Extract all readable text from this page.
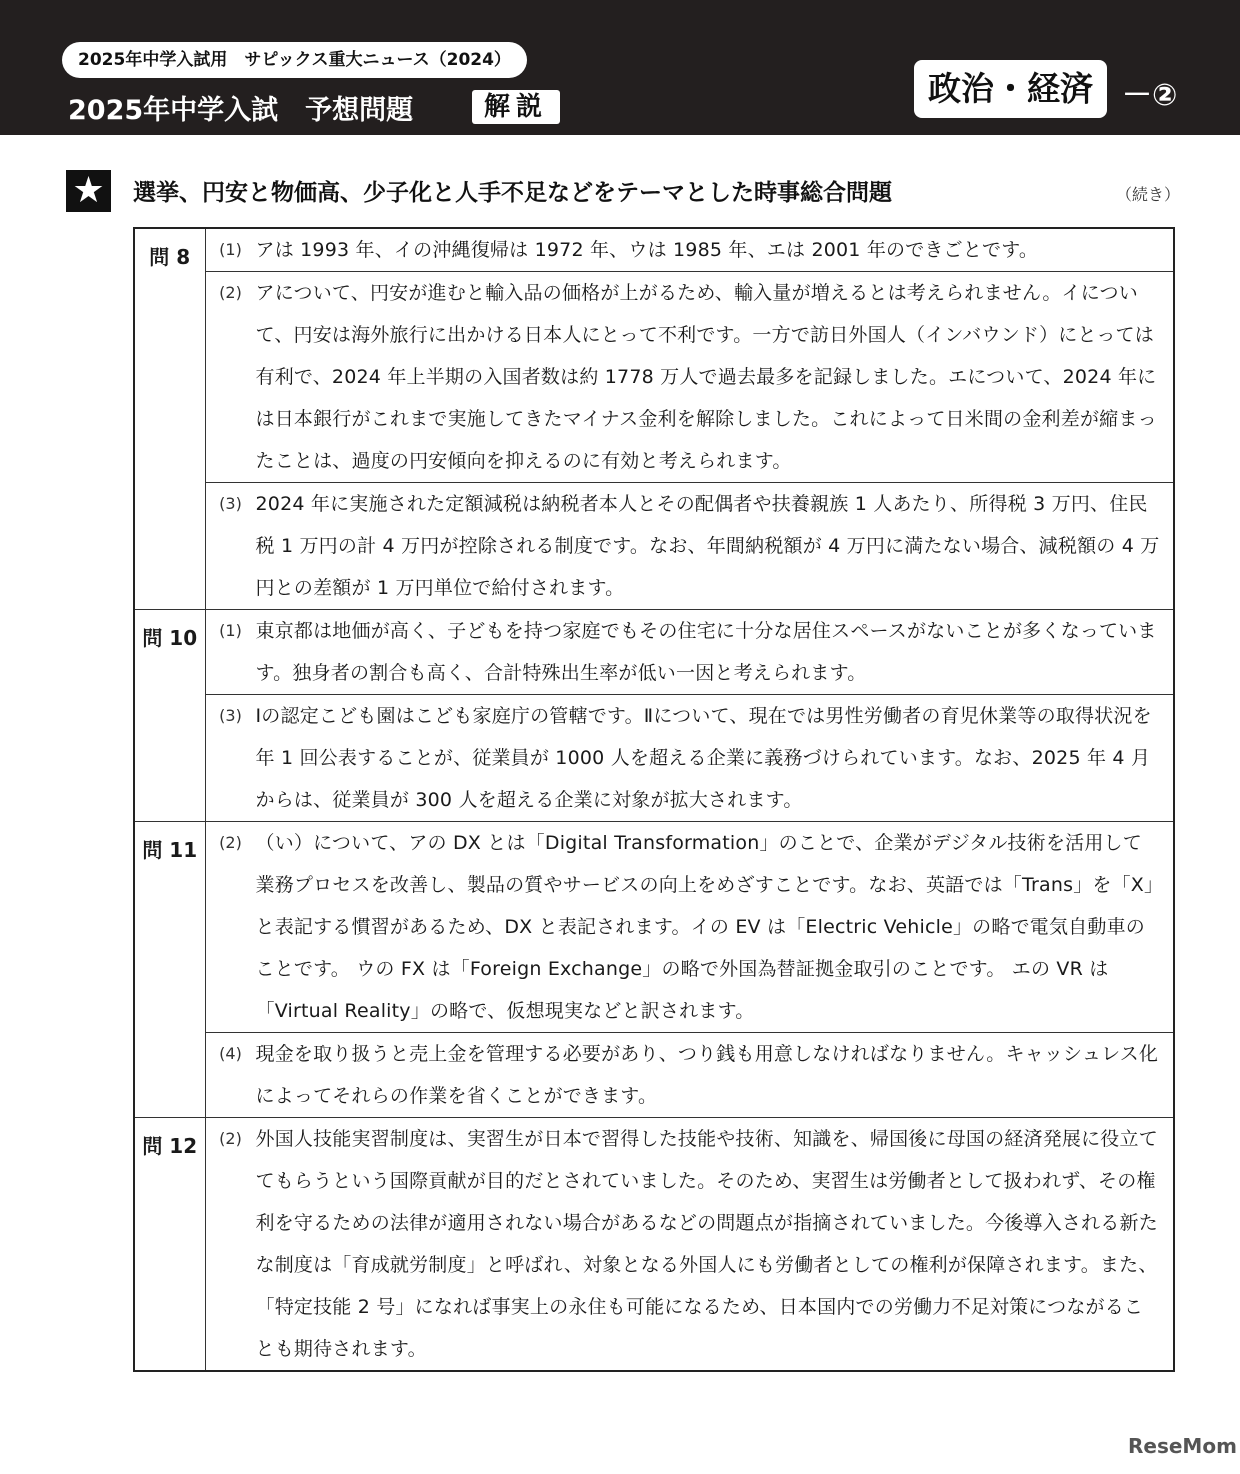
2025年中学入試用　サピックス重大ニュース（2024）
2025年中学入試　予想問題	解説	政治・経済 －②
★ 選挙、円安と物価高、少子化と人手不足などをテーマとした時事総合問題	（続き）
問 8	(1) アは 1993 年、イの沖縄復帰は 1972 年、ウは 1985 年、エは 2001 年のできごとです。

	(2) アについて、円安が進むと輸入品の価格が上がるため、輸入量が増えるとは考えられません。イについて、円安は海外旅行に出かける日本人にとって不利です。一方で訪日外国人（インバウンド）にとっては有利で、2024 年上半期の入国者数は約 1778 万人で過去最多を記録しました。エについて、2024 年には日本銀行がこれまで実施してきたマイナス金利を解除しました。これによって日米間の金利差が縮まったことは、過度の円安傾向を抑えるのに有効と考えられます。

	(3) 2024 年に実施された定額減税は納税者本人とその配偶者や扶養親族 1 人あたり、所得税 3 万円、住民税 1 万円の計 4 万円が控除される制度です。なお、年間納税額が 4 万円に満たない場合、減税額の 4 万円との差額が 1 万円単位で給付されます。

問 10	(1) 東京都は地価が高く、子どもを持つ家庭でもその住宅に十分な居住スペースがないことが多くなっています。独身者の割合も高く、合計特殊出生率が低い一因と考えられます。

	(3) Ⅰの認定こども園はこども家庭庁の管轄です。Ⅱについて、現在では男性労働者の育児休業等の取得状況を年 1 回公表することが、従業員が 1000 人を超える企業に義務づけられています。なお、2025 年 4 月からは、従業員が 300 人を超える企業に対象が拡大されます。

問 11	(2) （い）について、アの DX とは「Digital Transformation」のことで、企業がデジタル技術を活用して業務プロセスを改善し、製品の質やサービスの向上をめざすことです。なお、英語では「Trans」を「X」と表記する慣習があるため、DX と表記されます。イの EV は「Electric Vehicle」の略で電気自動車のことです。 ウの FX は「Foreign Exchange」の略で外国為替証拠金取引のことです。 エの VR は「Virtual Reality」の略で、仮想現実などと訳されます。

	(4) 現金を取り扱うと売上金を管理する必要があり、つり銭も用意しなければなりません。キャッシュレス化によってそれらの作業を省くことができます。

問 12	(2) 外国人技能実習制度は、実習生が日本で習得した技能や技術、知識を、帰国後に母国の経済発展に役立ててもらうという国際貢献が目的だとされていました。そのため、実習生は労働者として扱われず、その権利を守るための法律が適用されない場合があるなどの問題点が指摘されていました。今後導入される新たな制度は「育成就労制度」と呼ばれ、対象となる外国人にも労働者としての権利が保障されます。また、「特定技能 2 号」になれば事実上の永住も可能になるため、日本国内での労働力不足対策につながることも期待されます。
ReseMom
